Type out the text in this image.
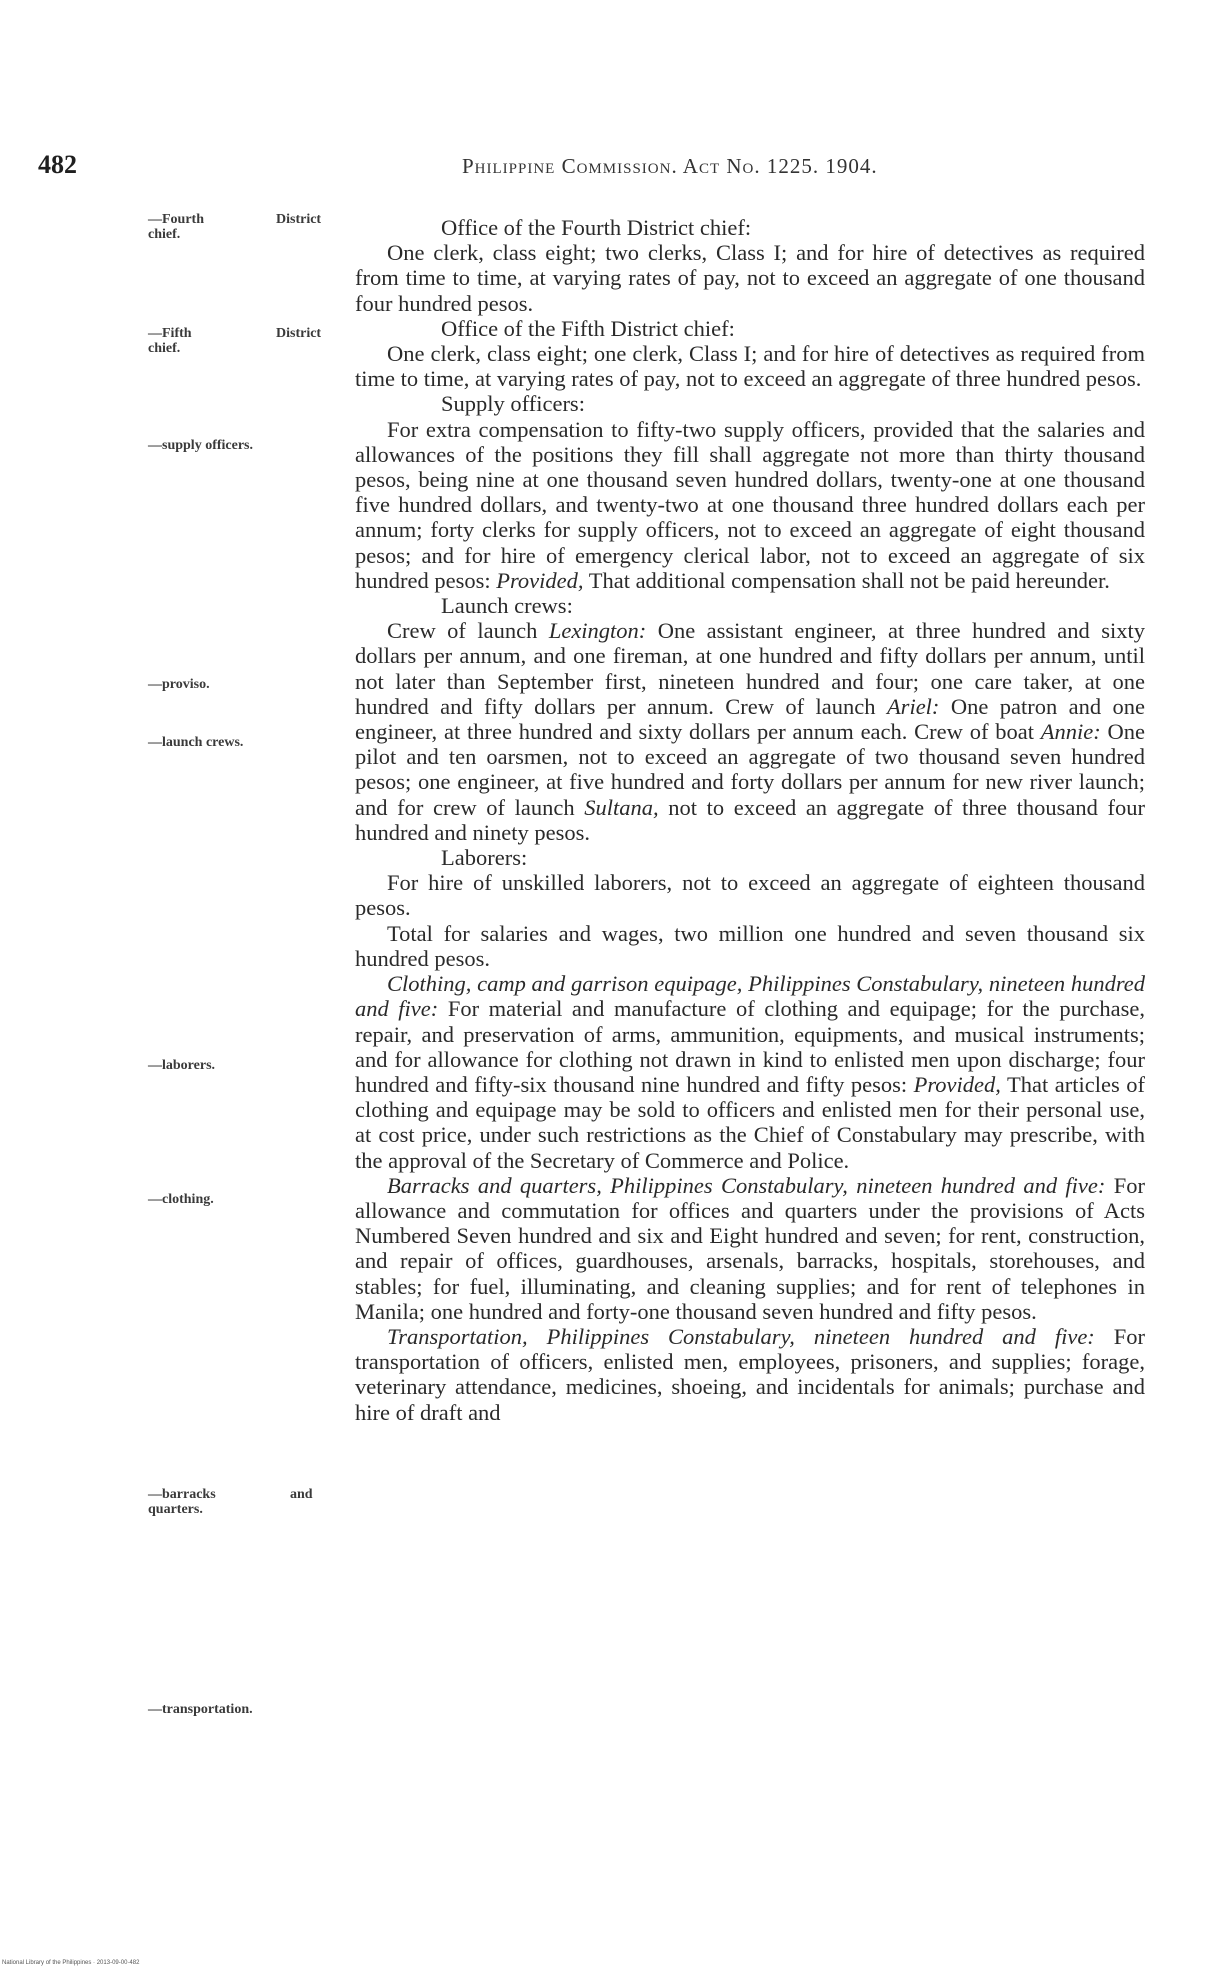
482	Philippine Commission. Act No. 1225. 1904.
—Fourth	District

chief.
—Fifth	District

chief.
—supply officers.
—proviso.
—launch crews.
—laborers.
—clothing.
—barracks	and

quarters.
—transportation.

Office of the Fourth District chief:

One clerk, class eight; two clerks, Class I; and for hire of detectives as required from time to time, at varying rates of pay, not to exceed an aggregate of one thousand four hundred pesos.

Office of the Fifth District chief:

One clerk, class eight; one clerk, Class I; and for hire of detectives as required from time to time, at varying rates of pay, not to exceed an aggregate of three hundred pesos.

Supply officers:

For extra compensation to fifty-two supply officers, provided that the salaries and allowances of the positions they fill shall aggregate not more than thirty thousand pesos, being nine at one thousand seven hundred dollars, twenty-one at one thousand five hundred dollars, and twenty-two at one thousand three hundred dollars each per annum; forty clerks for supply officers, not to exceed an aggregate of eight thousand pesos; and for hire of emergency clerical labor, not to exceed an aggregate of six hundred pesos: Provided, That additional compensation shall not be paid hereunder.

Launch crews:

Crew of launch Lexington: One assistant engineer, at three hundred and sixty dollars per annum, and one fireman, at one hundred and fifty dollars per annum, until not later than September first, nineteen hundred and four; one care taker, at one hundred and fifty dollars per annum. Crew of launch Ariel: One patron and one engineer, at three hundred and sixty dollars per annum each. Crew of boat Annie: One pilot and ten oarsmen, not to exceed an aggregate of two thousand seven hundred pesos; one engineer, at five hundred and forty dollars per annum for new river launch; and for crew of launch Sultana, not to exceed an aggregate of three thousand four hundred and ninety pesos.

Laborers:

For hire of unskilled laborers, not to exceed an aggregate of eighteen thousand pesos.

Total for salaries and wages, two million one hundred and seven thousand six hundred pesos.

Clothing, camp and garrison equipage, Philippines Constabulary, nineteen hundred and five: For material and manufacture of clothing and equipage; for the purchase, repair, and preservation of arms, ammunition, equipments, and musical instruments; and for allowance for clothing not drawn in kind to enlisted men upon discharge; four hundred and fifty-six thousand nine hundred and fifty pesos: Provided, That articles of clothing and equipage may be sold to officers and enlisted men for their personal use, at cost price, under such restrictions as the Chief of Constabulary may prescribe, with the approval of the Secretary of Commerce and Police.

Barracks and quarters, Philippines Constabulary, nineteen hundred and five: For allowance and commutation for offices and quarters under the provisions of Acts Numbered Seven hundred and six and Eight hundred and seven; for rent, construction, and repair of offices, guardhouses, arsenals, barracks, hospitals, storehouses, and stables; for fuel, illuminating, and cleaning supplies; and for rent of telephones in Manila; one hundred and forty-one thousand seven hundred and fifty pesos.

Transportation, Philippines Constabulary, nineteen hundred and five: For transportation of officers, enlisted men, employees, prisoners, and supplies; forage, veterinary attendance, medicines, shoeing, and incidentals for animals; purchase and hire of draft and

National Library of the Philippines · 2013-09-00·482
